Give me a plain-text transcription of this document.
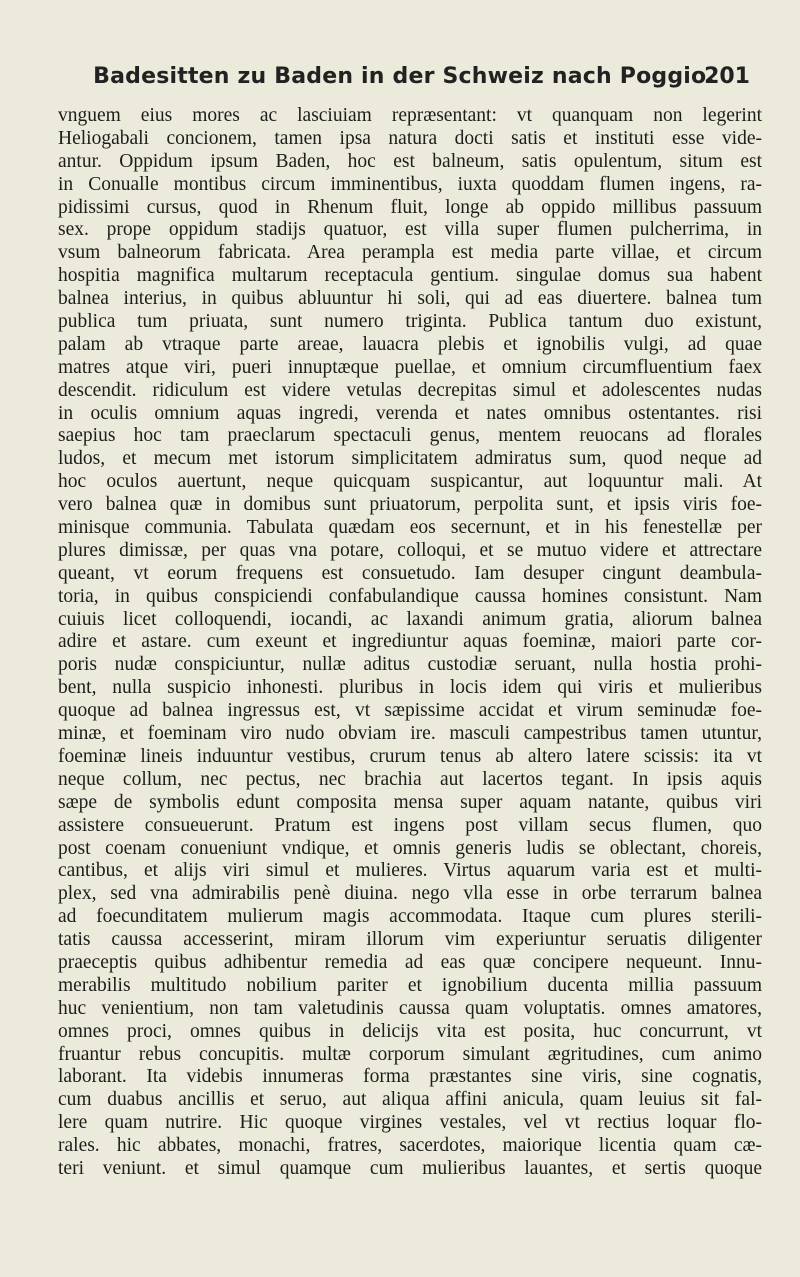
Badesitten zu Baden in der Schweiz nach Poggio.
201
vnguem eius mores ac lasciuiam repræsentant: vt quanquam non legerint
Heliogabali concionem, tamen ipsa natura docti satis et instituti esse vide-
antur. Oppidum ipsum Baden, hoc est balneum, satis opulentum, situm est
in Conualle montibus circum imminentibus, iuxta quoddam flumen ingens, ra-
pidissimi cursus, quod in Rhenum fluit, longe ab oppido millibus passuum
sex. prope oppidum stadijs quatuor, est villa super flumen pulcherrima, in
vsum balneorum fabricata. Area perampla est media parte villae, et circum
hospitia magnifica multarum receptacula gentium. singulae domus sua habent
balnea interius, in quibus abluuntur hi soli, qui ad eas diuertere. balnea tum
publica tum priuata, sunt numero triginta. Publica tantum duo existunt,
palam ab vtraque parte areae, lauacra plebis et ignobilis vulgi, ad quae
matres atque viri, pueri innuptæque puellae, et omnium circumfluentium faex
descendit. ridiculum est videre vetulas decrepitas simul et adolescentes nudas
in oculis omnium aquas ingredi, verenda et nates omnibus ostentantes. risi
saepius hoc tam praeclarum spectaculi genus, mentem reuocans ad florales
ludos, et mecum met istorum simplicitatem admiratus sum, quod neque ad
hoc oculos auertunt, neque quicquam suspicantur, aut loquuntur mali. At
vero balnea quæ in domibus sunt priuatorum, perpolita sunt, et ipsis viris foe-
minisque communia. Tabulata quædam eos secernunt, et in his fenestellæ per
plures dimissæ, per quas vna potare, colloqui, et se mutuo videre et attrectare
queant, vt eorum frequens est consuetudo. Iam desuper cingunt deambula-
toria, in quibus conspiciendi confabulandique caussa homines consistunt. Nam
cuiuis licet colloquendi, iocandi, ac laxandi animum gratia, aliorum balnea
adire et astare. cum exeunt et ingrediuntur aquas foeminæ, maiori parte cor-
poris nudæ conspiciuntur, nullæ aditus custodiæ seruant, nulla hostia prohi-
bent, nulla suspicio inhonesti. pluribus in locis idem qui viris et mulieribus
quoque ad balnea ingressus est, vt sæpissime accidat et virum seminudæ foe-
minæ, et foeminam viro nudo obviam ire. masculi campestribus tamen utuntur,
foeminæ lineis induuntur vestibus, crurum tenus ab altero latere scissis: ita vt
neque collum, nec pectus, nec brachia aut lacertos tegant. In ipsis aquis
sæpe de symbolis edunt composita mensa super aquam natante, quibus viri
assistere consueuerunt. Pratum est ingens post villam secus flumen, quo
post coenam conueniunt vndique, et omnis generis ludis se oblectant, choreis,
cantibus, et alijs viri simul et mulieres. Virtus aquarum varia est et multi-
plex, sed vna admirabilis penè diuina. nego vlla esse in orbe terrarum balnea
ad foecunditatem mulierum magis accommodata. Itaque cum plures sterili-
tatis caussa accesserint, miram illorum vim experiuntur seruatis diligenter
praeceptis quibus adhibentur remedia ad eas quæ concipere nequeunt. Innu-
merabilis multitudo nobilium pariter et ignobilium ducenta millia passuum
huc venientium, non tam valetudinis caussa quam voluptatis. omnes amatores,
omnes proci, omnes quibus in delicijs vita est posita, huc concurrunt, vt
fruantur rebus concupitis. multæ corporum simulant ægritudines, cum animo
laborant. Ita videbis innumeras forma præstantes sine viris, sine cognatis,
cum duabus ancillis et seruo, aut aliqua affini anicula, quam leuius sit fal-
lere quam nutrire. Hic quoque virgines vestales, vel vt rectius loquar flo-
rales. hic abbates, monachi, fratres, sacerdotes, maiorique licentia quam cæ-
teri veniunt. et simul quamque cum mulieribus lauantes, et sertis quoque
